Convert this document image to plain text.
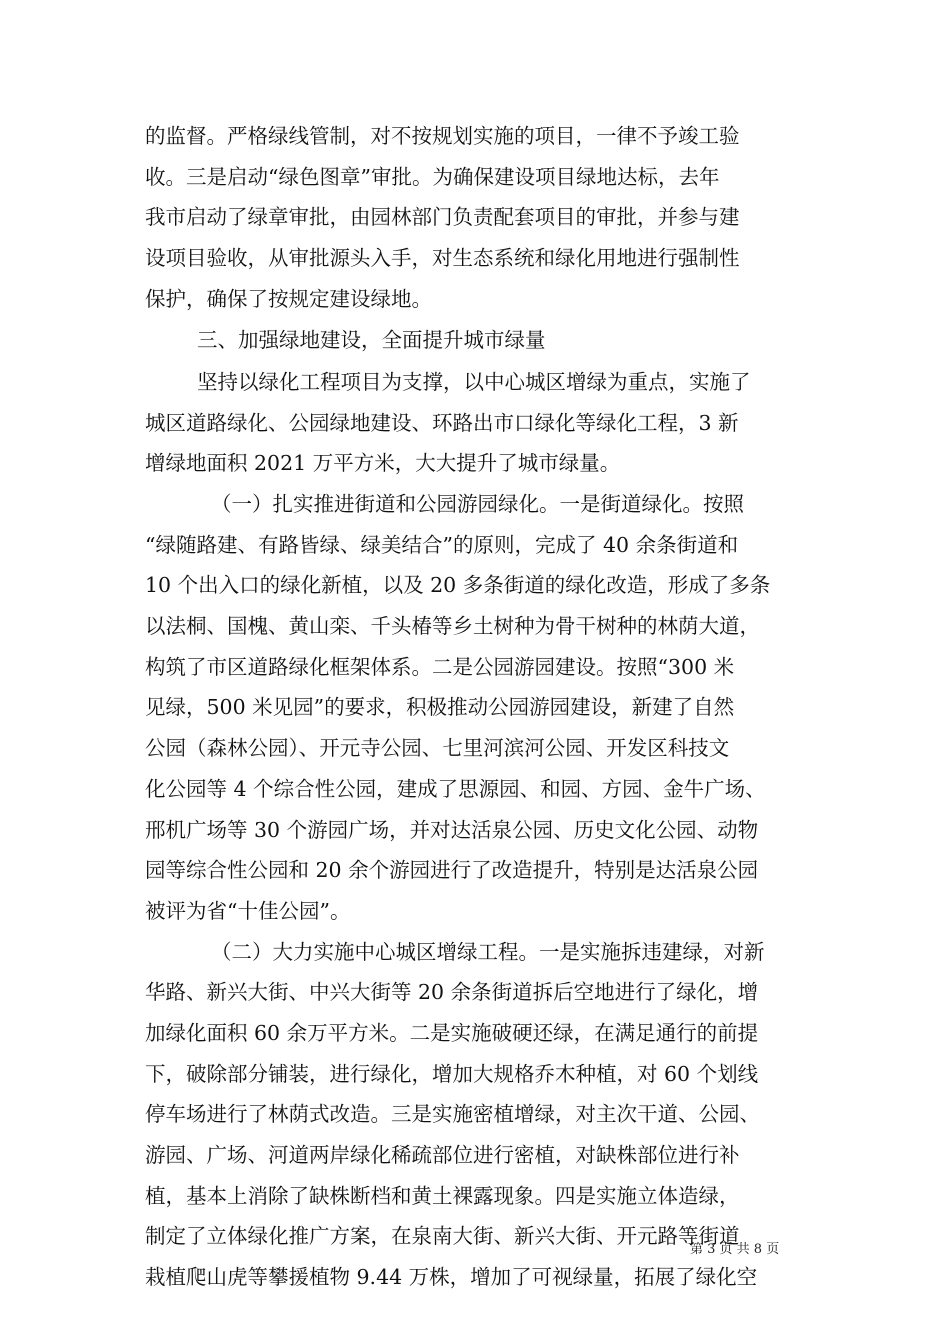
的监督。严格绿线管制，对不按规划实施的项目，一律不予竣工验
收。三是启动“绿色图章”审批。为确保建设项目绿地达标，去年
我市启动了绿章审批，由园林部门负责配套项目的审批，并参与建
设项目验收，从审批源头入手，对生态系统和绿化用地进行强制性
保护，确保了按规定建设绿地。
三、加强绿地建设，全面提升城市绿量
坚持以绿化工程项目为支撑，以中心城区增绿为重点，实施了
城区道路绿化、公园绿地建设、环路出市口绿化等绿化工程，3 新
增绿地面积 2021 万平方米，大大提升了城市绿量。
（一）扎实推进街道和公园游园绿化。一是街道绿化。按照
“绿随路建、有路皆绿、绿美结合”的原则，完成了 40 余条街道和
10 个出入口的绿化新植，以及 20 多条街道的绿化改造，形成了多条
以法桐、国槐、黄山栾、千头椿等乡土树种为骨干树种的林荫大道，
构筑了市区道路绿化框架体系。二是公园游园建设。按照“300 米
见绿，500 米见园”的要求，积极推动公园游园建设，新建了自然
公园（森林公园）、开元寺公园、七里河滨河公园、开发区科技文
化公园等 4 个综合性公园，建成了思源园、和园、方园、金牛广场、
邢机广场等 30 个游园广场，并对达活泉公园、历史文化公园、动物
园等综合性公园和 20 余个游园进行了改造提升，特别是达活泉公园
被评为省“十佳公园”。
（二）大力实施中心城区增绿工程。一是实施拆违建绿，对新
华路、新兴大街、中兴大街等 20 余条街道拆后空地进行了绿化，增
加绿化面积 60 余万平方米。二是实施破硬还绿，在满足通行的前提
下，破除部分铺装，进行绿化，增加大规格乔木种植，对 60 个划线
停车场进行了林荫式改造。三是实施密植增绿，对主次干道、公园、
游园、广场、河道两岸绿化稀疏部位进行密植，对缺株部位进行补
植，基本上消除了缺株断档和黄土裸露现象。四是实施立体造绿，
制定了立体绿化推广方案，在泉南大街、新兴大街、开元路等街道
栽植爬山虎等攀援植物 9.44 万株，增加了可视绿量，拓展了绿化空
第 3 页 共 8 页
